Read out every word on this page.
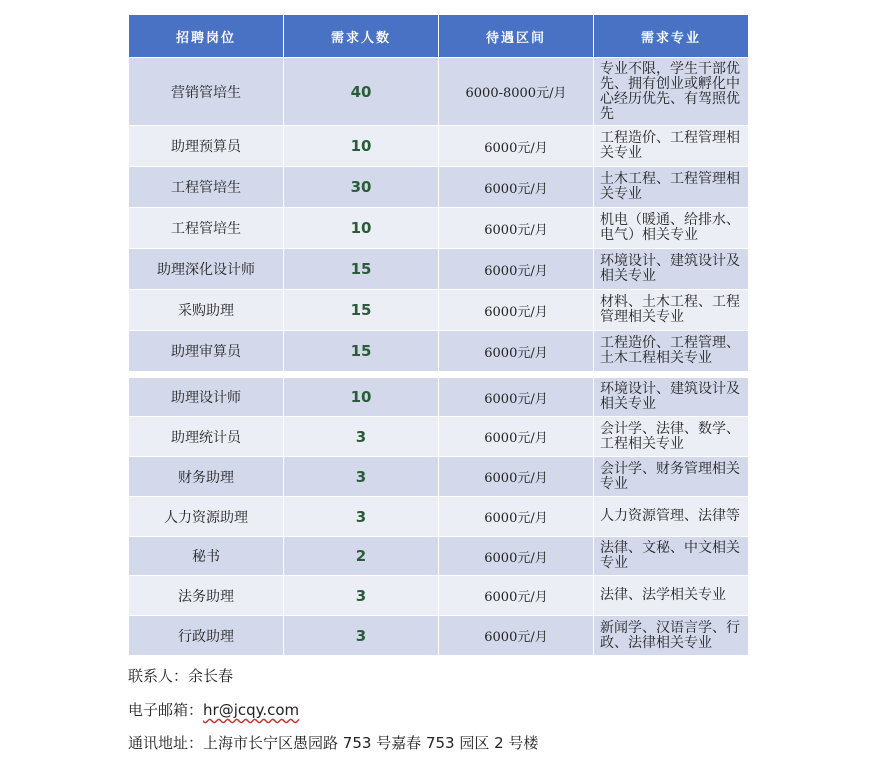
招聘岗位	需求人数	待遇区间	需求专业
营销管培生	40	6000-8000元/月	专业不限，学生干部优先、拥有创业或孵化中心经历优先、有驾照优先
助理预算员	10	6000元/月	工程造价、工程管理相关专业
工程管培生	30	6000元/月	土木工程、工程管理相关专业
工程管培生	10	6000元/月	机电（暖通、给排水、电气）相关专业
助理深化设计师	15	6000元/月	环境设计、建筑设计及相关专业
采购助理	15	6000元/月	材料、土木工程、工程管理相关专业
助理审算员	15	6000元/月	工程造价、工程管理、土木工程相关专业

助理设计师	10	6000元/月	环境设计、建筑设计及相关专业
助理统计员	3	6000元/月	会计学、法律、数学、工程相关专业
财务助理	3	6000元/月	会计学、财务管理相关专业
人力资源助理	3	6000元/月	人力资源管理、法律等
秘书	2	6000元/月	法律、文秘、中文相关专业
法务助理	3	6000元/月	法律、法学相关专业
行政助理	3	6000元/月	新闻学、汉语言学、行政、法律相关专业
联系人：余长春
电子邮箱：hr@jcqy.com
通讯地址：上海市长宁区愚园路 753 号嘉春 753 园区 2 号楼
